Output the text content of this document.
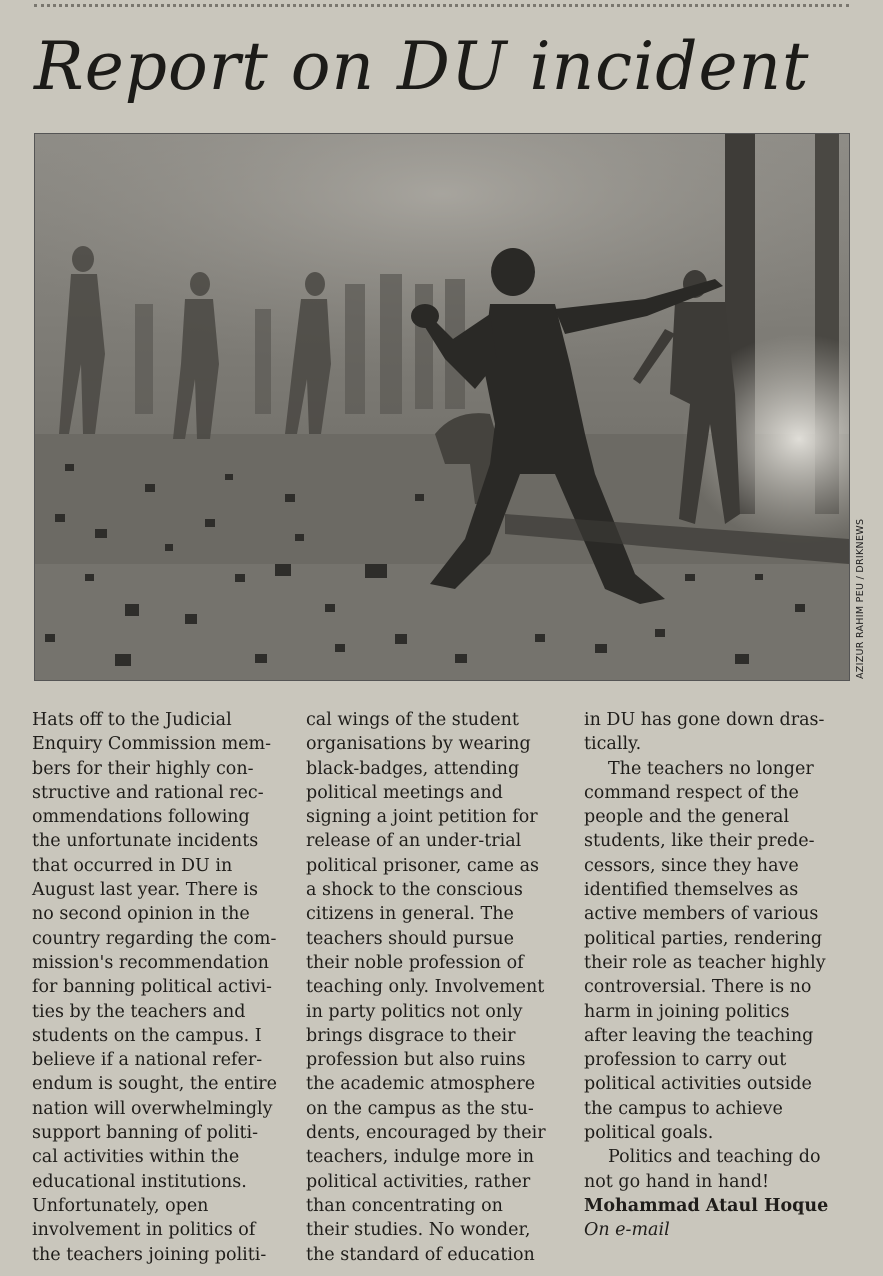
Report on DU incident
AZIZUR RAHIM PEU / DRIKNEWS
Hats off to the Judicial
Enquiry Commission mem-
bers for their highly con-
structive and rational rec-
ommendations following
the unfortunate incidents
that occurred in DU in
August last year. There is
no second opinion in the
country regarding the com-
mission's recommendation
for banning political activi-
ties by the teachers and
students on the campus. I
believe if a national refer-
endum is sought, the entire
nation will overwhelmingly
support banning of politi-
cal activities within the
educational institutions.
Unfortunately, open
involvement in politics of
the teachers joining politi-
cal wings of the student
organisations by wearing
black-badges, attending
political meetings and
signing a joint petition for
release of an under-trial
political prisoner, came as
a shock to the conscious
citizens in general. The
teachers should pursue
their noble profession of
teaching only. Involvement
in party politics not only
brings disgrace to their
profession but also ruins
the academic atmosphere
on the campus as the stu-
dents, encouraged by their
teachers, indulge more in
political activities, rather
than concentrating on
their studies. No wonder,
the standard of education
in DU has gone down dras-
tically.
The teachers no longer
command respect of the
people and the general
students, like their prede-
cessors, since they have
identified themselves as
active members of various
political parties, rendering
their role as teacher highly
controversial. There is no
harm in joining politics
after leaving the teaching
profession to carry out
political activities outside
the campus to achieve
political goals.
Politics and teaching do
not go hand in hand!
Mohammad Ataul Hoque
On e-mail
